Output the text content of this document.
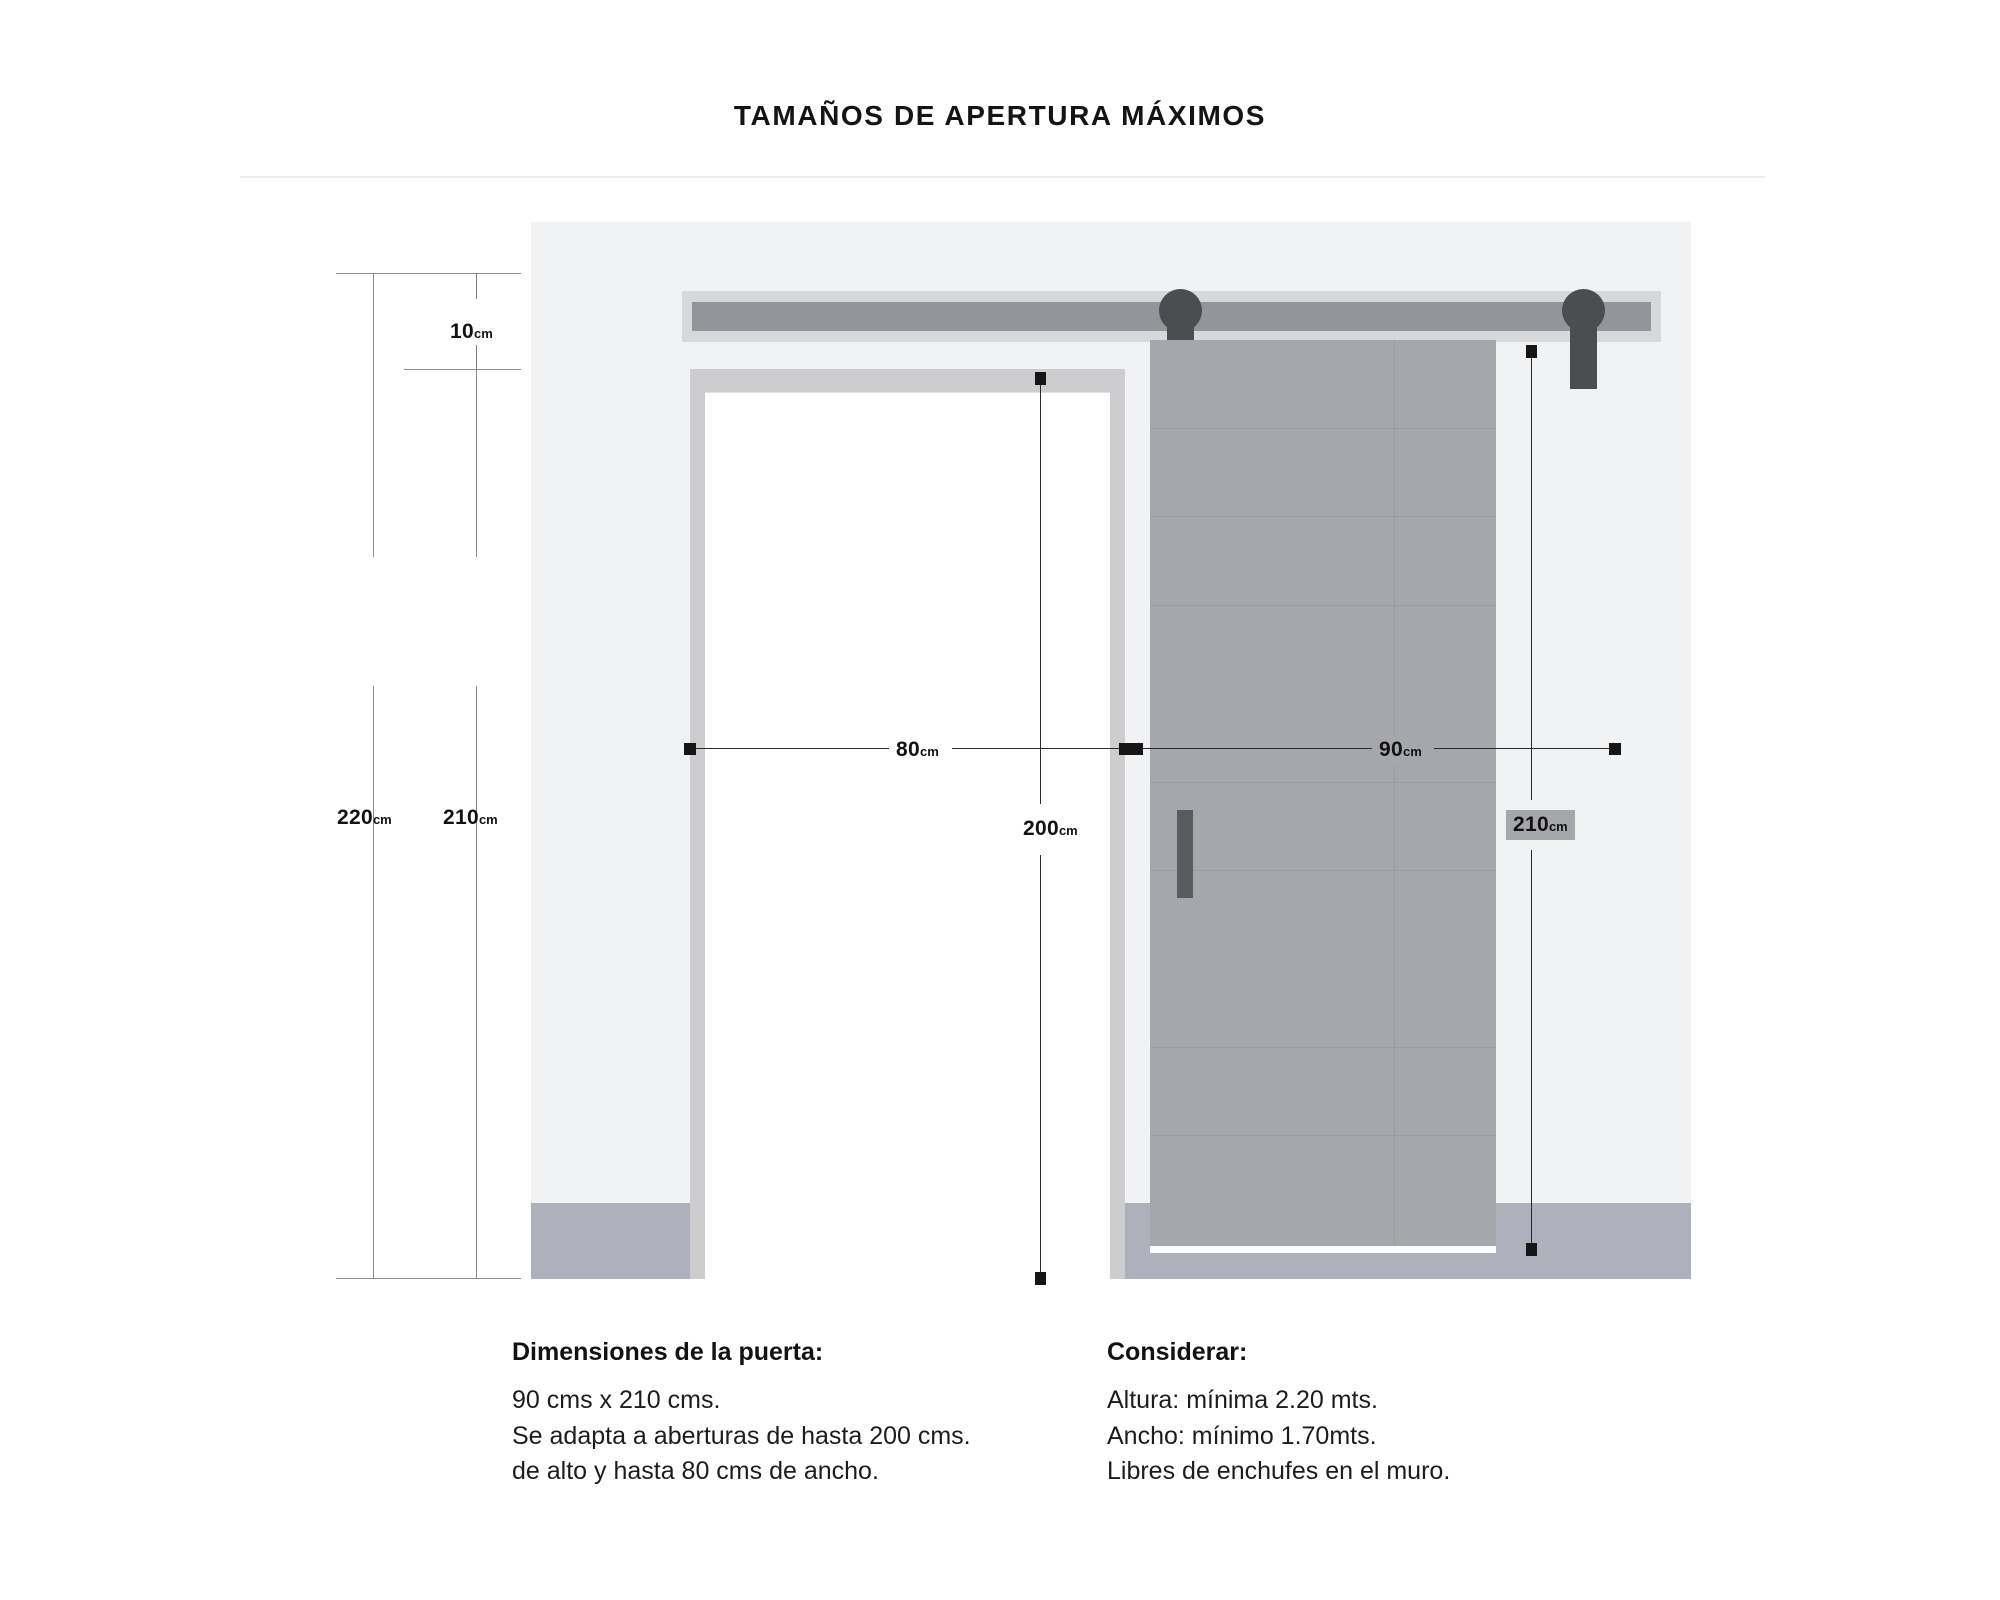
TAMAÑOS DE APERTURA MÁXIMOS
220cm 210cm
10cm
80cm	90cm
200cm	210cm
Dimensiones de la puerta:
90 cms x 210 cms.
Se adapta a aberturas de hasta 200 cms.
de alto y hasta 80 cms de ancho.
Considerar:
Altura: mínima 2.20 mts.
Ancho: mínimo 1.70mts.
Libres de enchufes en el muro.
